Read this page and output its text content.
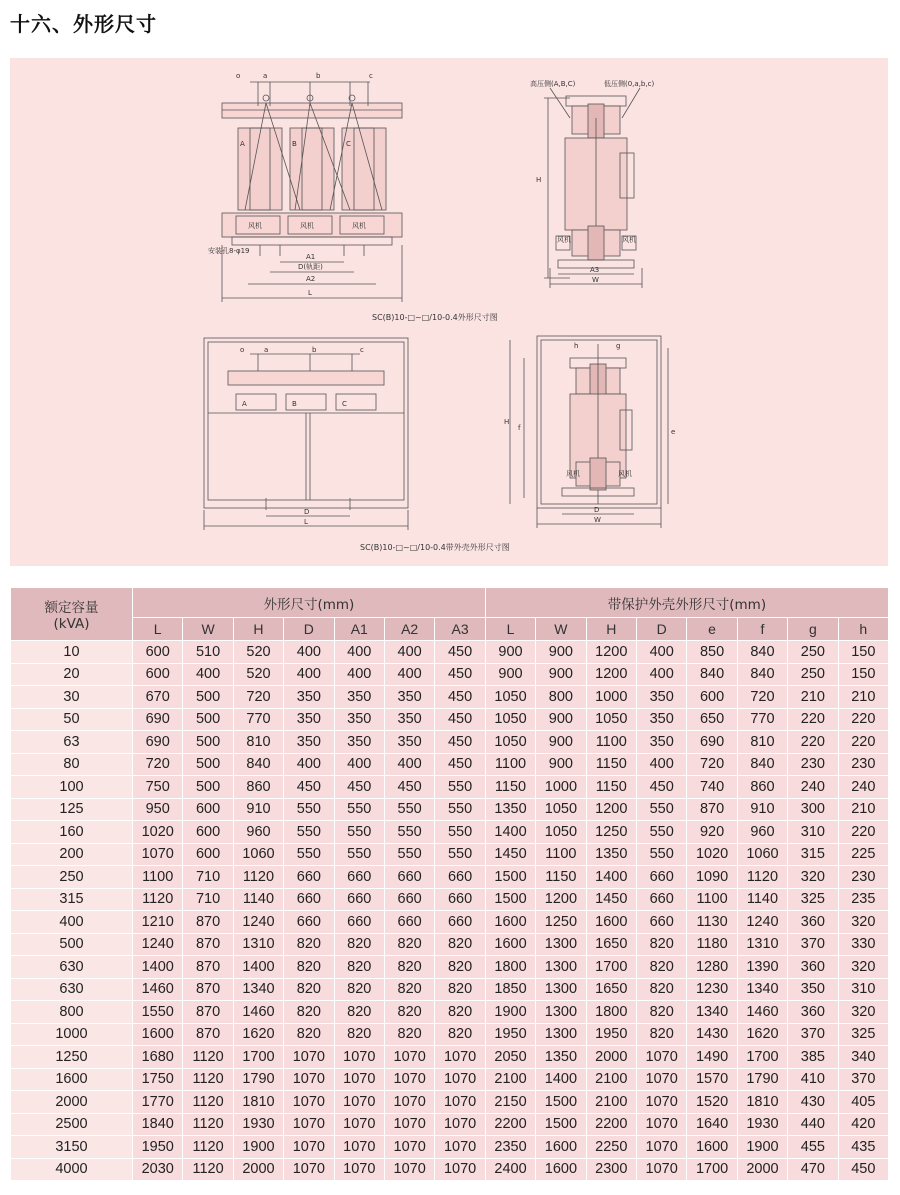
十六、外形尺寸
o	a	b	c
A	B	C
风机	风机	风机
安装孔8-φ19
A1
D(轨距)
A2
L
SC(B)10-□~□/10-0.4外形尺寸图
高压侧(A,B,C)	低压侧(0,a,b,c)
H
风机	风机
A3
W
o	a	b	c
A	B	C
D
L
SC(B)10-□~□/10-0.4带外壳外形尺寸图
h	g
H
f	e
风机	风机
D
W
额定容量
(kVA)	外形尺寸(mm)							带保护外壳外形尺寸(mm)							
	L	W	H	D	A1	A2	A3	L	W	H	D	e	f	g	h
10	600	510	520	400	400	400	450	900	900	1200	400	850	840	250	150
20	600	400	520	400	400	400	450	900	900	1200	400	840	840	250	150
30	670	500	720	350	350	350	450	1050	800	1000	350	600	720	210	210
50	690	500	770	350	350	350	450	1050	900	1050	350	650	770	220	220
63	690	500	810	350	350	350	450	1050	900	1100	350	690	810	220	220
80	720	500	840	400	400	400	450	1100	900	1150	400	720	840	230	230
100	750	500	860	450	450	450	550	1150	1000	1150	450	740	860	240	240
125	950	600	910	550	550	550	550	1350	1050	1200	550	870	910	300	210
160	1020	600	960	550	550	550	550	1400	1050	1250	550	920	960	310	220
200	1070	600	1060	550	550	550	550	1450	1100	1350	550	1020	1060	315	225
250	1100	710	1120	660	660	660	660	1500	1150	1400	660	1090	1120	320	230
315	1120	710	1140	660	660	660	660	1500	1200	1450	660	1100	1140	325	235
400	1210	870	1240	660	660	660	660	1600	1250	1600	660	1130	1240	360	320
500	1240	870	1310	820	820	820	820	1600	1300	1650	820	1180	1310	370	330
630	1400	870	1400	820	820	820	820	1800	1300	1700	820	1280	1390	360	320
630	1460	870	1340	820	820	820	820	1850	1300	1650	820	1230	1340	350	310
800	1550	870	1460	820	820	820	820	1900	1300	1800	820	1340	1460	360	320
1000	1600	870	1620	820	820	820	820	1950	1300	1950	820	1430	1620	370	325
1250	1680	1120	1700	1070	1070	1070	1070	2050	1350	2000	1070	1490	1700	385	340
1600	1750	1120	1790	1070	1070	1070	1070	2100	1400	2100	1070	1570	1790	410	370
2000	1770	1120	1810	1070	1070	1070	1070	2150	1500	2100	1070	1520	1810	430	405
2500	1840	1120	1930	1070	1070	1070	1070	2200	1500	2200	1070	1640	1930	440	420
3150	1950	1120	1900	1070	1070	1070	1070	2350	1600	2250	1070	1600	1900	455	435
4000	2030	1120	2000	1070	1070	1070	1070	2400	1600	2300	1070	1700	2000	470	450
